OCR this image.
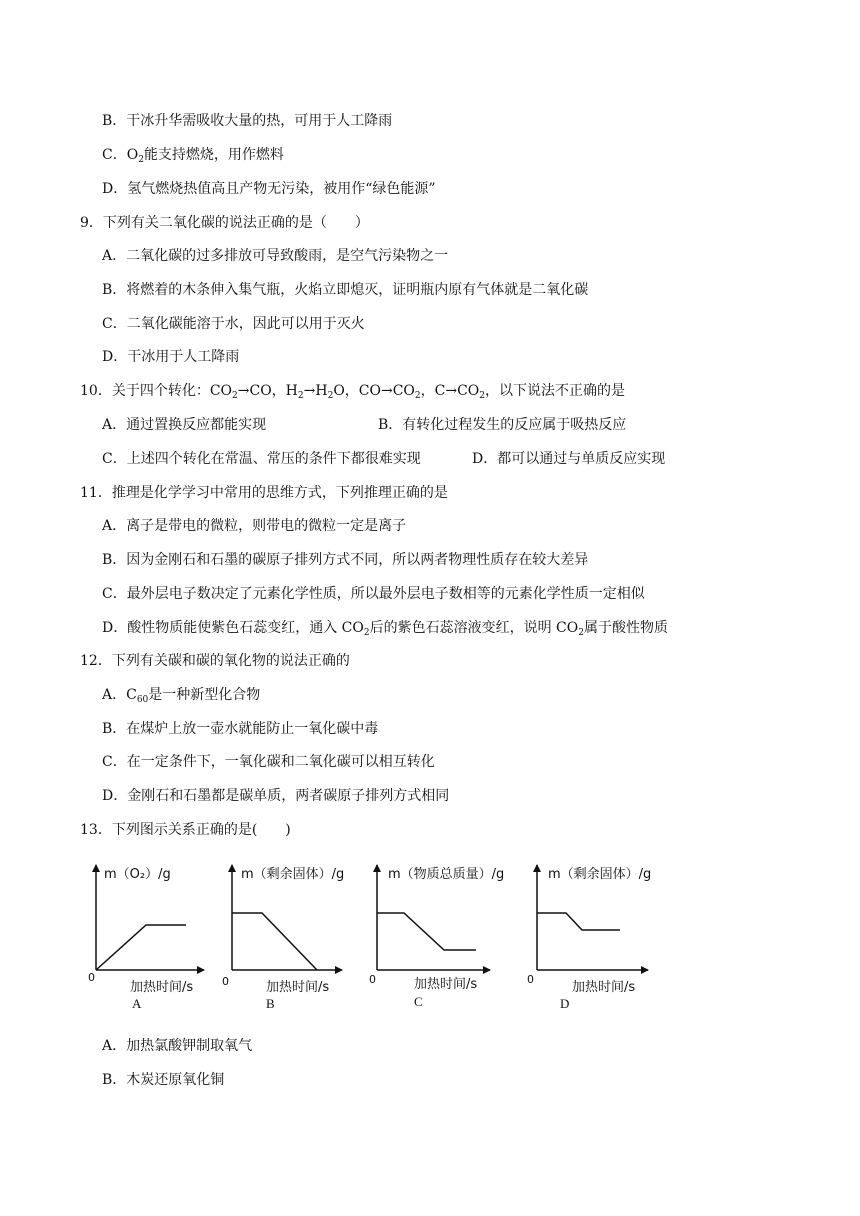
B．干冰升华需吸收大量的热，可用于人工降雨
C．$O_2$能支持燃烧，用作燃料
D．氢气燃烧热值高且产物无污染，被用作“绿色能源”
9．下列有关二氧化碳的说法正确的是（　　）
A．二氧化碳的过多排放可导致酸雨，是空气污染物之一
B．将燃着的木条伸入集气瓶，火焰立即熄灭，证明瓶内原有气体就是二氧化碳
C．二氧化碳能溶于水，因此可以用于灭火
D．干冰用于人工降雨
10．关于四个转化：$CO_2\to CO$，$H_2\to H_2O$，$CO\to CO_2$，$C\to CO_2$，以下说法不正确的是
A．通过置换反应都能实现	B．有转化过程发生的反应属于吸热反应
C．上述四个转化在常温、常压的条件下都很难实现	D．都可以通过与单质反应实现
11．推理是化学学习中常用的思维方式，下列推理正确的是
A．离子是带电的微粒，则带电的微粒一定是离子
B．因为金刚石和石墨的碳原子排列方式不同，所以两者物理性质存在较大差异
C．最外层电子数决定了元素化学性质，所以最外层电子数相等的元素化学性质一定相似
D．酸性物质能使紫色石蕊变红，通入 $CO_2$后的紫色石蕊溶液变红，说明 $CO_2$属于酸性物质
12．下列有关碳和碳的氧化物的说法正确的
A．$C_{60}$是一种新型化合物
B．在煤炉上放一壶水就能防止一氧化碳中毒
C．在一定条件下，一氧化碳和二氧化碳可以相互转化
D．金刚石和石墨都是碳单质，两者碳原子排列方式相同
13．下列图示关系正确的是(　　)
m（O₂）/g
0
加热时间/s
A
m（剩余固体）/g
0	加热时间/s
B
m（物质总质量）/g
0	加热时间/s
C
m（剩余固体）/g
0
加热时间/s
D
A．加热氯酸钾制取氧气
B．木炭还原氧化铜
